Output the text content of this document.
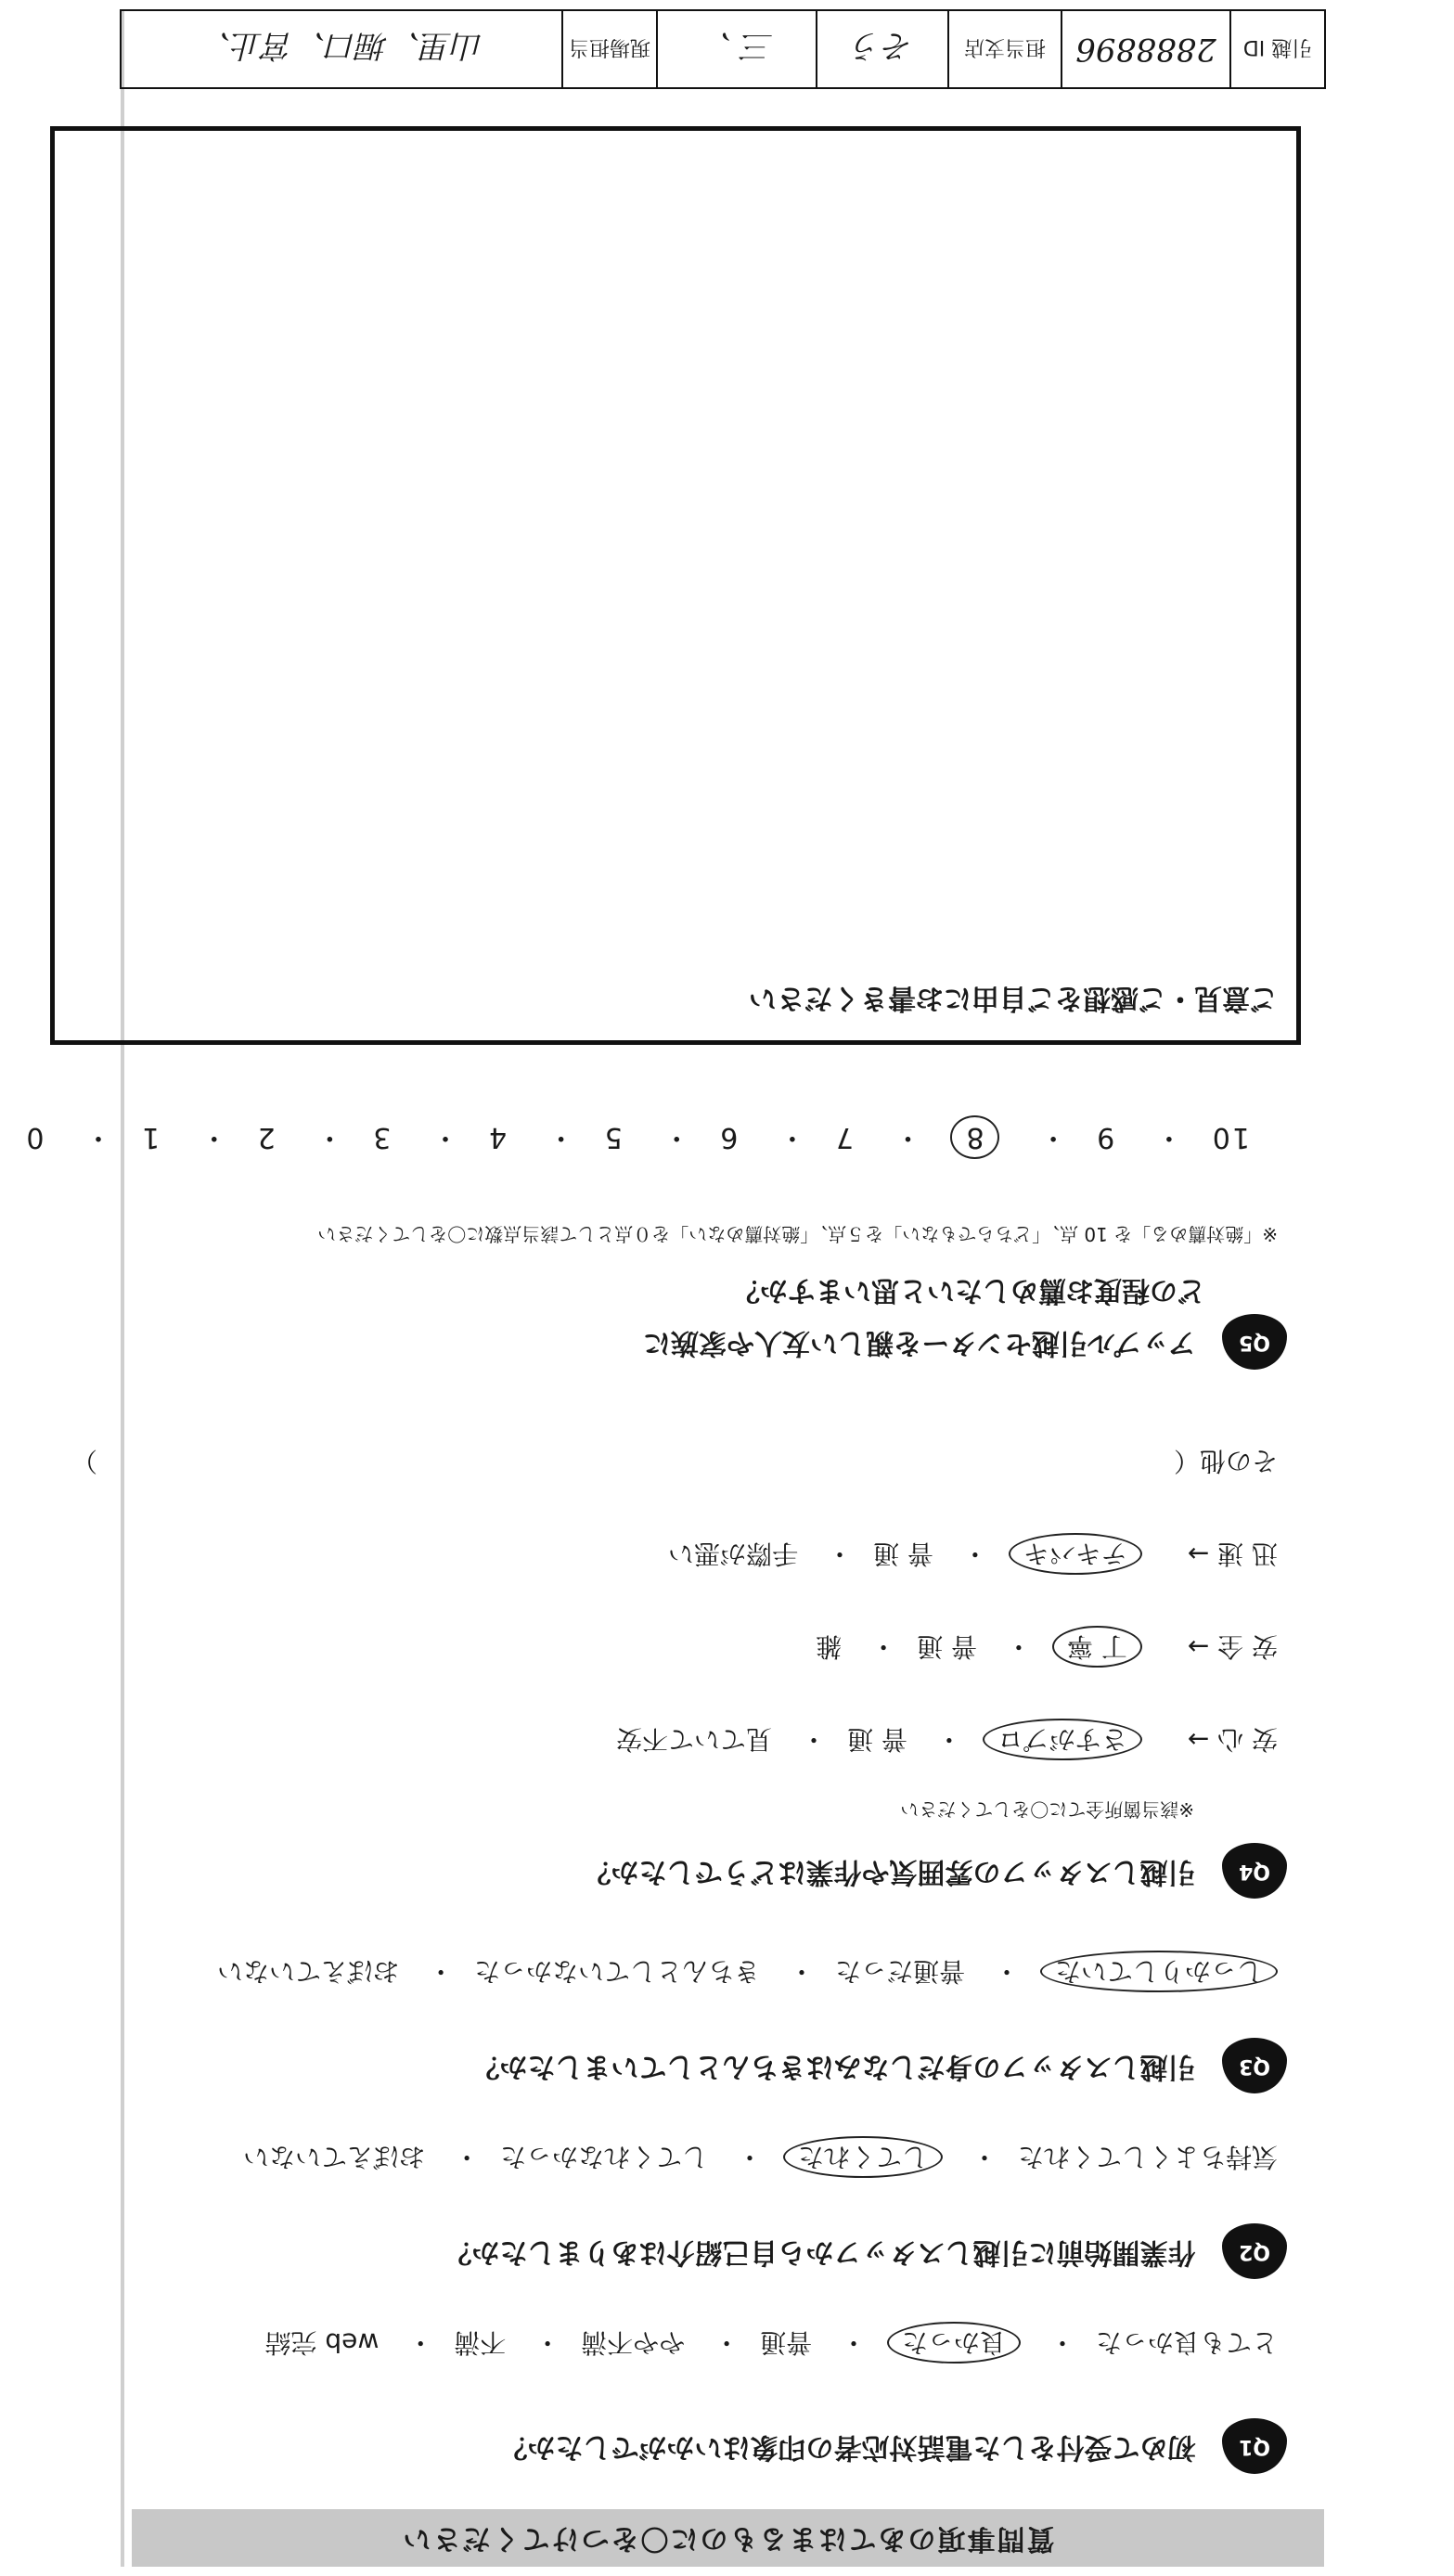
質問事項のあてはまるものに〇をつけてください
Q1 初めて受付をした電話対応者の印象はいかがでしたか？
とても良かった・ 良かった・ 普通・ やや不満・ 不満・ web 完結
Q2 作業開始前に引越しスタッフから自己紹介はありましたか？
気持ちよくしてくれた・ してくれた・ してくれなかった・ おぼえていない
Q3 引越しスタッフの身だしなみはきちんとしていましたか？
しっかりしていた・ 普通だった・ きちんとしていなかった・ おぼえていない
Q4 引越しスタッフの雰囲気や作業はどうでしたか？
※該当箇所全てに〇をしてください
安 心 → さすがプロ・ 普 通・ 見ていて不安
安 全 → 丁 寧・ 普 通・ 雑
迅 速 → テキパキ・ 普 通・ 手際が悪い
その他（
）
Q5 アップル引越センターを親しい友人や家族に
どの程度お薦めしたいと思いますか？
※「絶対薦める」を 10 点、「どちらでもない」を５点、「絶対薦めない」を０点として該当点数に〇をしてください
10・ 9・ 8・ 7・ 6・ 5・ 4・ 3・ 2・ 1・ 0
ご意見・ご感想をご自由にお書きください
引越 ID
2888896
担当支店
そう
三 、
現場担当
山里、堀口、宮止、
